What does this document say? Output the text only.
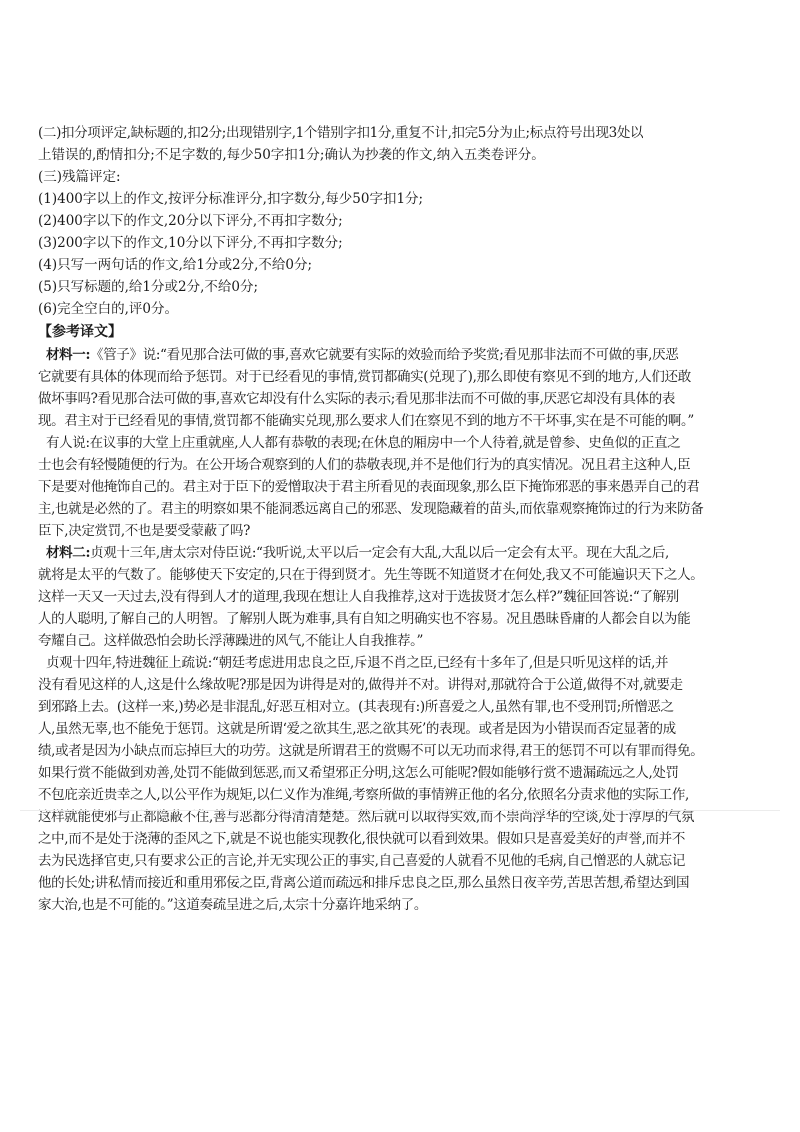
(二)扣分项评定,缺标题的,扣2分;出现错别字,1个错别字扣1分,重复不计,扣完5分为止;标点符号出现3处以

上错误的,酌情扣分;不足字数的,每少50字扣1分;确认为抄袭的作文,纳入五类卷评分。

(三)残篇评定:

(1)400字以上的作文,按评分标准评分,扣字数分,每少50字扣1分;

(2)400字以下的作文,20分以下评分,不再扣字数分;

(3)200字以下的作文,10分以下评分,不再扣字数分;

(4)只写一两句话的作文,给1分或2分,不给0分;

(5)只写标题的,给1分或2分,不给0分;

(6)完全空白的,评0分。

【参考译文】

材料一:《管子》说:“看见那合法可做的事,喜欢它就要有实际的效验而给予奖赏;看见那非法而不可做的事,厌恶

它就要有具体的体现而给予惩罚。对于已经看见的事情,赏罚都确实(兑现了),那么即使有察见不到的地方,人们还敢

做坏事吗?看见那合法可做的事,喜欢它却没有什么实际的表示;看见那非法而不可做的事,厌恶它却没有具体的表

现。君主对于已经看见的事情,赏罚都不能确实兑现,那么要求人们在察见不到的地方不干坏事,实在是不可能的啊。”

有人说:在议事的大堂上庄重就座,人人都有恭敬的表现;在休息的厢房中一个人待着,就是曾参、史鱼似的正直之

士也会有轻慢随便的行为。在公开场合观察到的人们的恭敬表现,并不是他们行为的真实情况。况且君主这种人,臣

下是要对他掩饰自己的。君主对于臣下的爱憎取决于君主所看见的表面现象,那么臣下掩饰邪恶的事来愚弄自己的君

主,也就是必然的了。君主的明察如果不能洞悉远离自己的邪恶、发现隐藏着的苗头,而依靠观察掩饰过的行为来防备

臣下,决定赏罚,不也是要受蒙蔽了吗?

材料二:贞观十三年,唐太宗对侍臣说:“我听说,太平以后一定会有大乱,大乱以后一定会有太平。现在大乱之后,

就将是太平的气数了。能够使天下安定的,只在于得到贤才。先生等既不知道贤才在何处,我又不可能遍识天下之人。

这样一天又一天过去,没有得到人才的道理,我现在想让人自我推荐,这对于选拔贤才怎么样?”魏征回答说:“了解别

人的人聪明,了解自己的人明智。了解别人既为难事,具有自知之明确实也不容易。况且愚昧昏庸的人都会自以为能

夸耀自己。这样做恐怕会助长浮薄躁进的风气,不能让人自我推荐。”

贞观十四年,特进魏征上疏说:“朝廷考虑进用忠良之臣,斥退不肖之臣,已经有十多年了,但是只听见这样的话,并

没有看见这样的人,这是什么缘故呢?那是因为讲得是对的,做得并不对。讲得对,那就符合于公道,做得不对,就要走

到邪路上去。(这样一来,)势必是非混乱,好恶互相对立。(其表现有:)所喜爱之人,虽然有罪,也不受刑罚;所憎恶之

人,虽然无辜,也不能免于惩罚。这就是所谓‘爱之欲其生,恶之欲其死’的表现。或者是因为小错误而否定显著的成

绩,或者是因为小缺点而忘掉巨大的功劳。这就是所谓君王的赏赐不可以无功而求得,君王的惩罚不可以有罪而得免。

如果行赏不能做到劝善,处罚不能做到惩恶,而又希望邪正分明,这怎么可能呢?假如能够行赏不遗漏疏远之人,处罚

不包庇亲近贵幸之人,以公平作为规矩,以仁义作为准绳,考察所做的事情辨正他的名分,依照名分责求他的实际工作,

这样就能使邪与正都隐蔽不住,善与恶都分得清清楚楚。然后就可以取得实效,而不崇尚浮华的空谈,处于淳厚的气氛

之中,而不是处于浇薄的歪风之下,就是不说也能实现教化,很快就可以看到效果。假如只是喜爱美好的声誉,而并不

去为民选择官吏,只有要求公正的言论,并无实现公正的事实,自己喜爱的人就看不见他的毛病,自己憎恶的人就忘记

他的长处;讲私情而接近和重用邪佞之臣,背离公道而疏远和排斥忠良之臣,那么虽然日夜辛劳,苦思苦想,希望达到国

家大治,也是不可能的。”这道奏疏呈进之后,太宗十分嘉许地采纳了。
